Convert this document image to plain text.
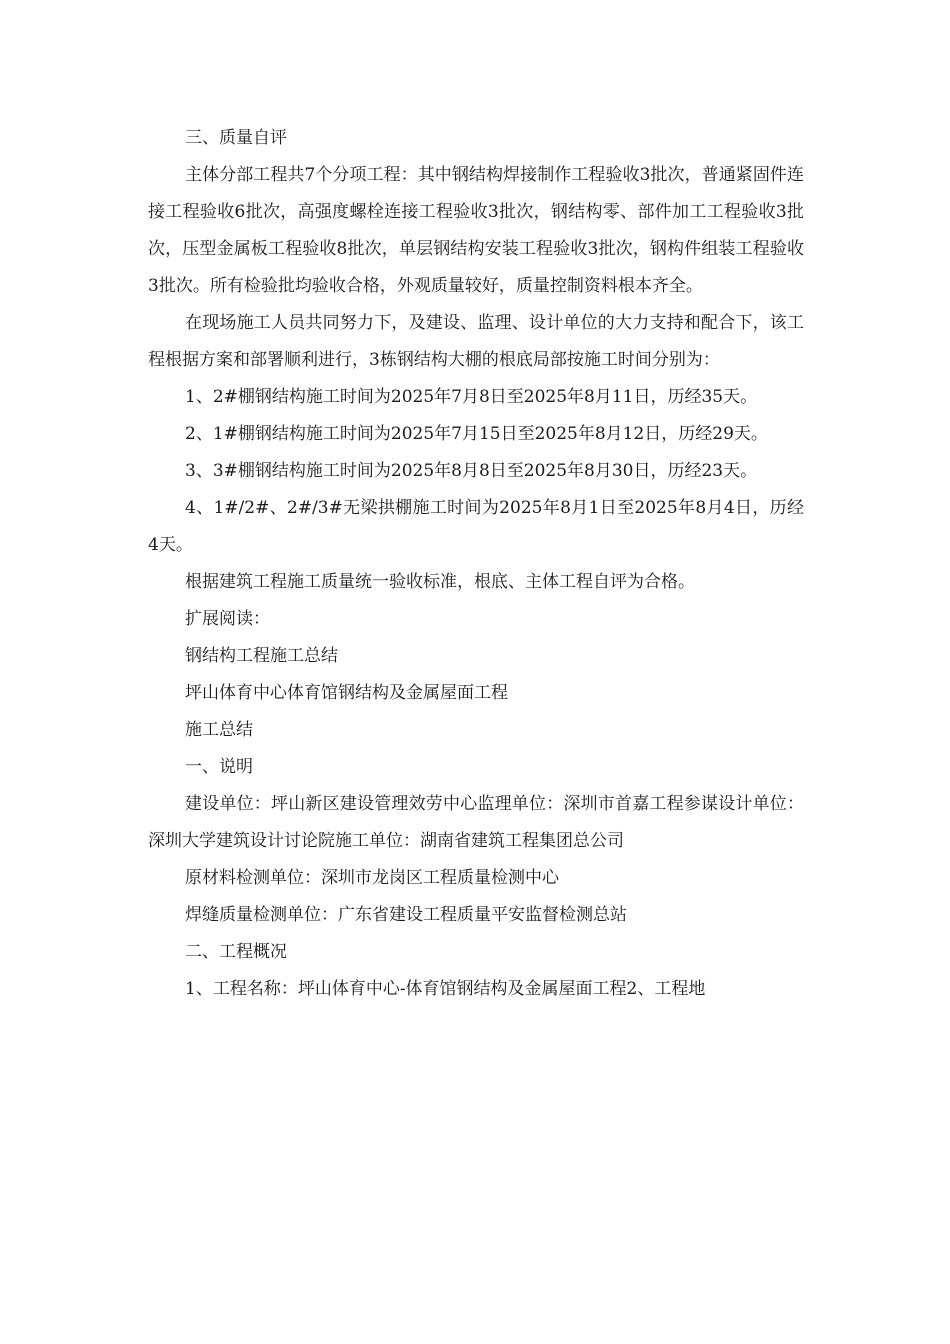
三、质量自评

主体分部工程共7个分项工程：其中钢结构焊接制作工程验收3批次，普通紧固件连接工程验收6批次，高强度螺栓连接工程验收3批次，钢结构零、部件加工工程验收3批次，压型金属板工程验收8批次，单层钢结构安装工程验收3批次，钢构件组装工程验收3批次。所有检验批均验收合格，外观质量较好，质量控制资料根本齐全。

在现场施工人员共同努力下，及建设、监理、设计单位的大力支持和配合下，该工程根据方案和部署顺利进行，3栋钢结构大棚的根底局部按施工时间分别为：

1、2#棚钢结构施工时间为2025年7月8日至2025年8月11日，历经35天。

2、1#棚钢结构施工时间为2025年7月15日至2025年8月12日，历经29天。

3、3#棚钢结构施工时间为2025年8月8日至2025年8月30日，历经23天。

4、1#/2#、2#/3#无梁拱棚施工时间为2025年8月1日至2025年8月4日，历经4天。

根据建筑工程施工质量统一验收标准，根底、主体工程自评为合格。

扩展阅读：

钢结构工程施工总结

坪山体育中心体育馆钢结构及金属屋面工程

施工总结

一、说明

建设单位：坪山新区建设管理效劳中心监理单位：深圳市首嘉工程参谋设计单位：深圳大学建筑设计讨论院施工单位：湖南省建筑工程集团总公司

原材料检测单位：深圳市龙岗区工程质量检测中心

焊缝质量检测单位：广东省建设工程质量平安监督检测总站

二、工程概况

1、工程名称：坪山体育中心-体育馆钢结构及金属屋面工程2、工程地
